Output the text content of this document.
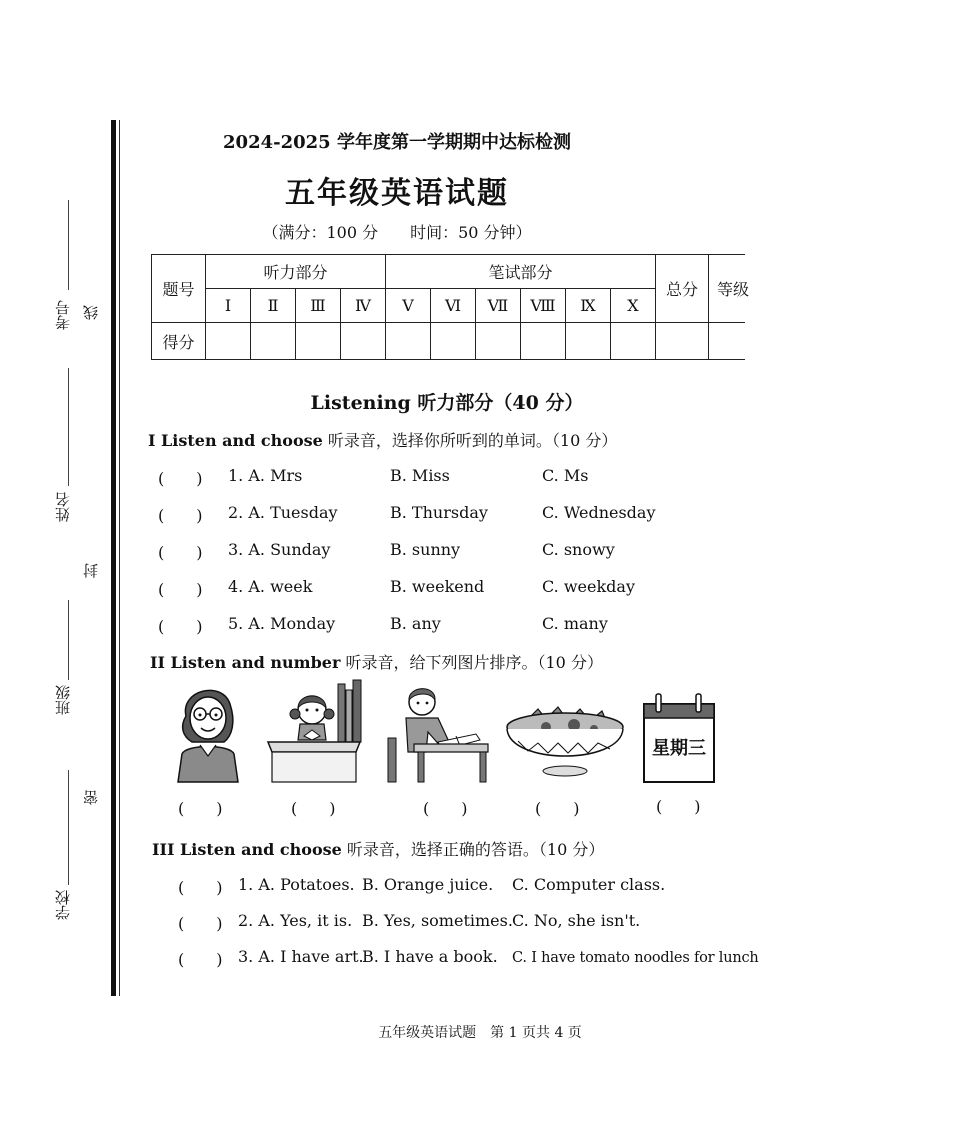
考号 线
姓名
封
班级
密
学校
2024-2025 学年度第一学期期中达标检测
五年级英语试题
（满分：100 分　　时间：50 分钟）
题号	听力部分				笔试部分						总分	等级
	Ⅰ	Ⅱ	Ⅲ	Ⅳ	Ⅴ	Ⅵ	Ⅶ	Ⅷ	Ⅸ	Ⅹ		
得分												
Listening 听力部分（40 分）
I Listen and choose 听录音，选择你所听到的单词。（10 分）
(　　) 1. A. Mrs	B. Miss	C. Ms
(　　) 2. A. Tuesday	B. Thursday	C. Wednesday
(　　) 3. A. Sunday	B. sunny	C. snowy
(　　) 4. A. week	B. weekend	C. weekday
(　　) 5. A. Monday	B. any	C. many
II Listen and number 听录音，给下列图片排序。（10 分）
星期三
(　　)	(　　)	(　　)	(　　)	(　　)
III Listen and choose 听录音，选择正确的答语。（10 分）
(　　) 1. A. Potatoes. B. Orange juice. C. Computer class.
(　　) 2. A. Yes, it is. B. Yes, sometimes. C. No, she isn't.
(　　) 3. A. I have art.
B. I have a book. C. I have tomato noodles for lunch
五年级英语试题　第 1 页共 4 页
